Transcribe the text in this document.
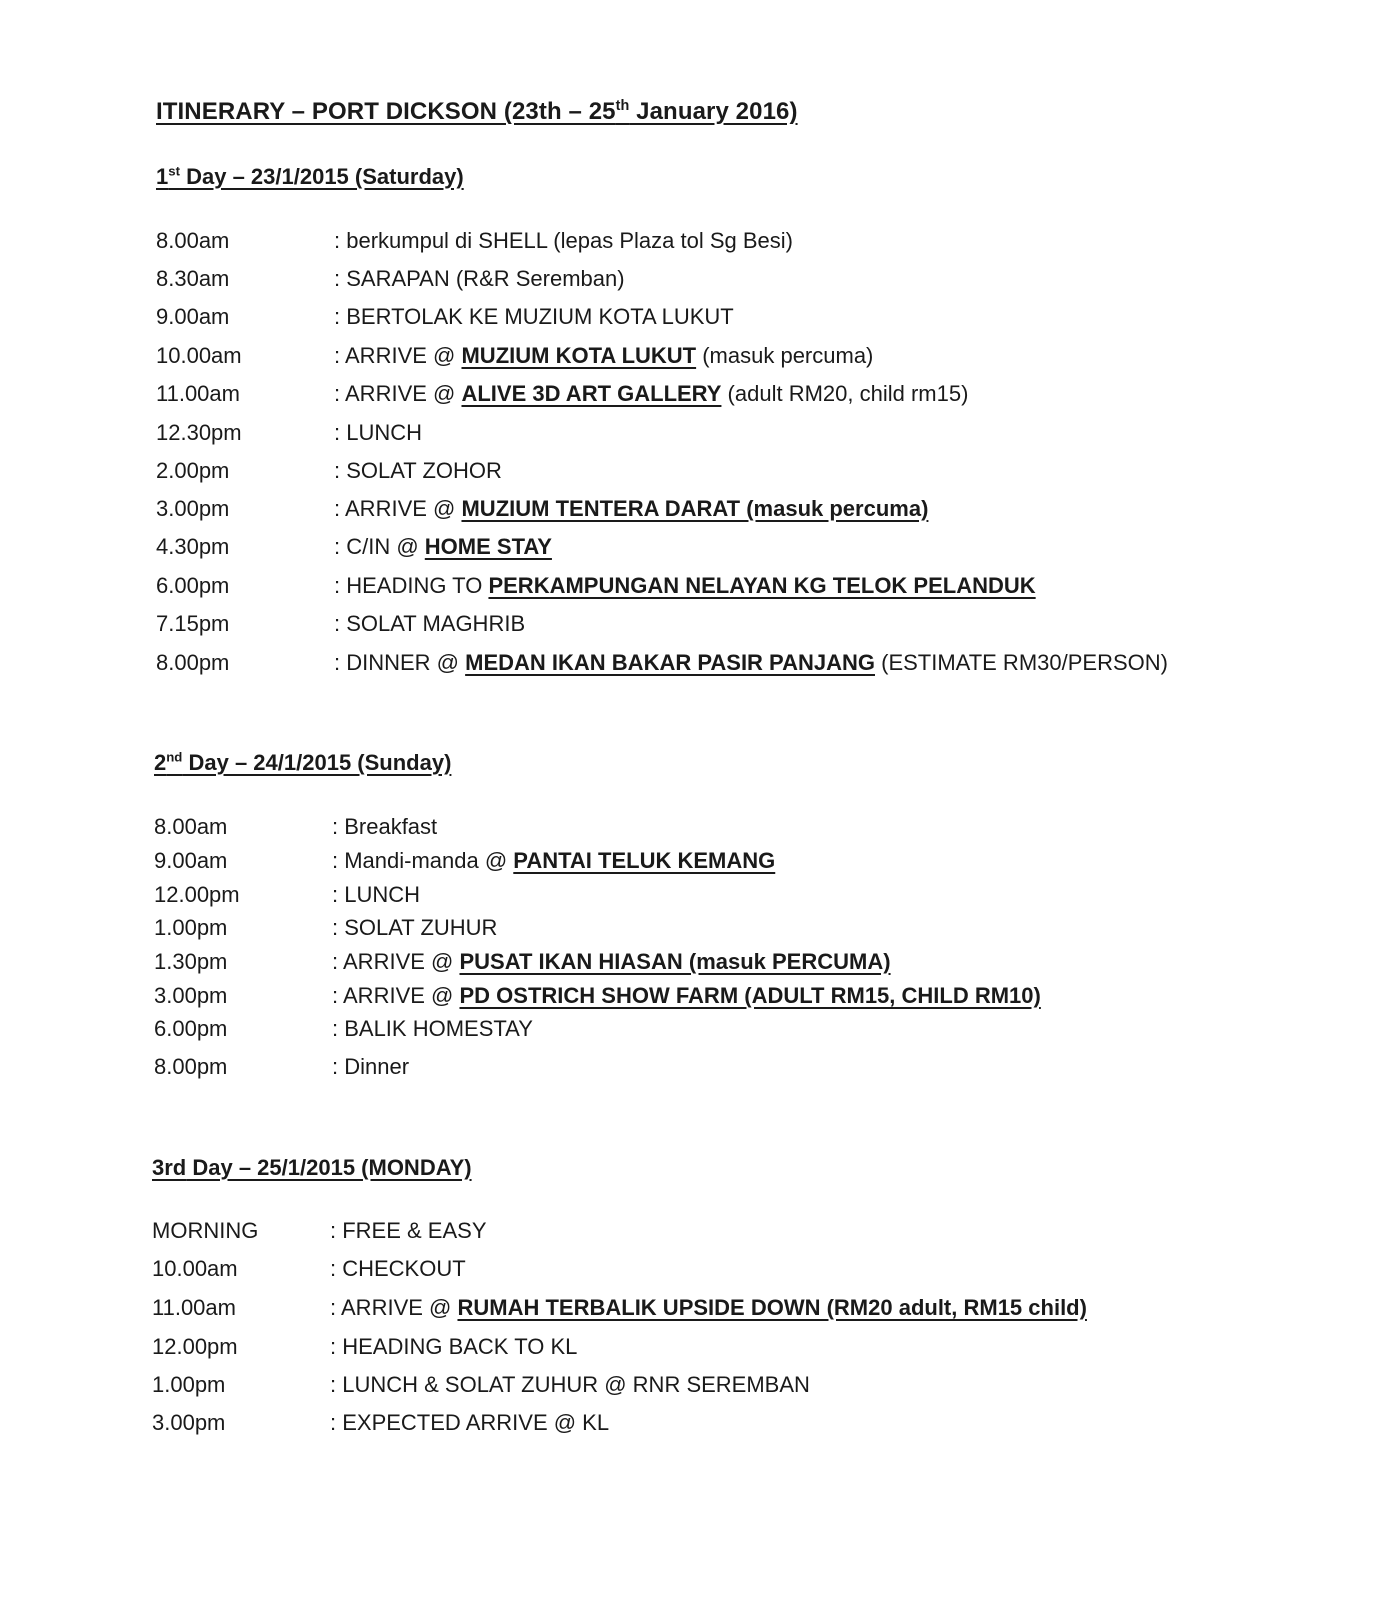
ITINERARY – PORT DICKSON (23th – 25th January 2016)
1st Day – 23/1/2015 (Saturday)
8.00am	: berkumpul di SHELL (lepas Plaza tol Sg Besi)
8.30am	: SARAPAN (R&R Seremban)
9.00am	: BERTOLAK KE MUZIUM KOTA LUKUT
10.00am	: ARRIVE @ MUZIUM KOTA LUKUT (masuk percuma)
11.00am	: ARRIVE @ ALIVE 3D ART GALLERY (adult RM20, child rm15)
12.30pm	: LUNCH
2.00pm	: SOLAT ZOHOR
3.00pm	: ARRIVE @ MUZIUM TENTERA DARAT (masuk percuma)
4.30pm	: C/IN @ HOME STAY
6.00pm	: HEADING TO PERKAMPUNGAN NELAYAN KG TELOK PELANDUK
7.15pm	: SOLAT MAGHRIB
8.00pm	: DINNER @ MEDAN IKAN BAKAR PASIR PANJANG (ESTIMATE RM30/PERSON)
2nd Day – 24/1/2015 (Sunday)
8.00am	: Breakfast
9.00am	: Mandi-manda @ PANTAI TELUK KEMANG
12.00pm	: LUNCH
1.00pm	: SOLAT ZUHUR
1.30pm	: ARRIVE @ PUSAT IKAN HIASAN (masuk PERCUMA)
3.00pm	: ARRIVE @ PD OSTRICH SHOW FARM (ADULT RM15, CHILD RM10)
6.00pm	: BALIK HOMESTAY
8.00pm	: Dinner
3rd Day – 25/1/2015 (MONDAY)
MORNING	: FREE & EASY
10.00am	: CHECKOUT
11.00am	: ARRIVE @ RUMAH TERBALIK UPSIDE DOWN (RM20 adult, RM15 child)
12.00pm	: HEADING BACK TO KL
1.00pm	: LUNCH & SOLAT ZUHUR @ RNR SEREMBAN
3.00pm	: EXPECTED ARRIVE @ KL
